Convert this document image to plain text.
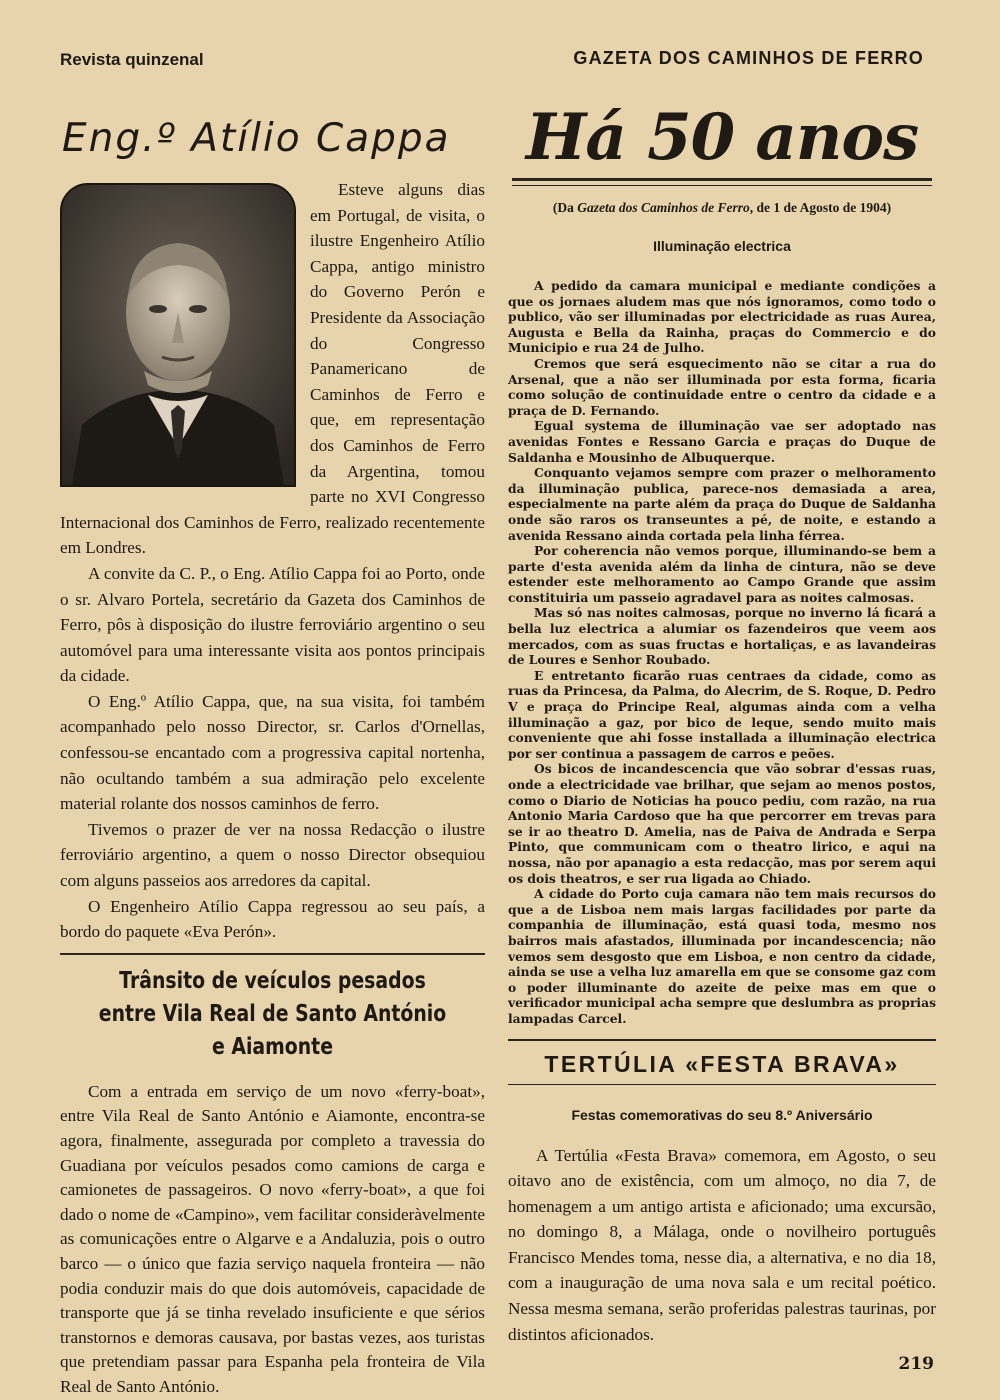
Revista quinzenal	GAZETA DOS CAMINHOS DE FERRO
Eng.º Atílio Cappa

Esteve alguns dias em Portugal, de visita, o ilustre Engenheiro Atílio Cappa, antigo ministro do Governo Perón e Presidente da Associação do Congresso Panamericano de Caminhos de Ferro e que, em representação dos Caminhos de Ferro da Argentina, tomou parte no XVI Congresso Internacional dos Caminhos de Ferro, realizado recentemente em Londres.

A convite da C. P., o Eng. Atílio Cappa foi ao Porto, onde o sr. Alvaro Portela, secretário da Gazeta dos Caminhos de Ferro, pôs à disposição do ilustre ferroviário argentino o seu automóvel para uma interessante visita aos pontos principais da cidade.

O Eng.º Atílio Cappa, que, na sua visita, foi também acompanhado pelo nosso Director, sr. Carlos d'Ornellas, confessou-se encantado com a progressiva capital nortenha, não ocultando também a sua admiração pelo excelente material rolante dos nossos caminhos de ferro.

Tivemos o prazer de ver na nossa Redacção o ilustre ferroviário argentino, a quem o nosso Director obsequiou com alguns passeios aos arredores da capital.

O Engenheiro Atílio Cappa regressou ao seu país, a bordo do paquete «Eva Perón».

Trânsito de veículos pesados entre Vila Real de Santo António e Aiamonte

Com a entrada em serviço de um novo «ferry-boat», entre Vila Real de Santo António e Aiamonte, encontra-se agora, finalmente, assegurada por completo a travessia do Guadiana por veículos pesados como camions de carga e camionetes de passageiros. O novo «ferry-boat», a que foi dado o nome de «Campino», vem facilitar consideràvelmente as comunicações entre o Algarve e a Andaluzia, pois o outro barco — o único que fazia serviço naquela fronteira — não podia conduzir mais do que dois automóveis, capacidade de transporte que já se tinha revelado insuficiente e que sérios transtornos e demoras causava, por bastas vezes, aos turistas que pretendiam passar para Espanha pela fronteira de Vila Real de Santo António.

Há 50 anos
(Da Gazeta dos Caminhos de Ferro, de 1 de Agosto de 1904)
Illuminação electrica

A pedido da camara municipal e mediante condições a que os jornaes aludem mas que nós ignoramos, como todo o publico, vão ser illuminadas por electricidade as ruas Aurea, Augusta e Bella da Rainha, praças do Commercio e do Municipio e rua 24 de Julho.

Cremos que será esquecimento não se citar a rua do Arsenal, que a não ser illuminada por esta forma, ficaria como solução de continuidade entre o centro da cidade e a praça de D. Fernando.

Egual systema de illuminação vae ser adoptado nas avenidas Fontes e Ressano Garcia e praças do Duque de Saldanha e Mousinho de Albuquerque.

Conquanto vejamos sempre com prazer o melhoramento da illuminação publica, parece-nos demasiada a area, especialmente na parte além da praça do Duque de Saldanha onde são raros os transeuntes a pé, de noite, e estando a avenida Ressano ainda cortada pela linha férrea.

Por coherencia não vemos porque, illuminando-se bem a parte d'esta avenida além da linha de cintura, não se deve estender este melhoramento ao Campo Grande que assim constituiria um passeio agradavel para as noites calmosas.

Mas só nas noites calmosas, porque no inverno lá ficará a bella luz electrica a alumiar os fazendeiros que veem aos mercados, com as suas fructas e hortaliças, e as lavandeiras de Loures e Senhor Roubado.

E entretanto ficarão ruas centraes da cidade, como as ruas da Princesa, da Palma, do Alecrim, de S. Roque, D. Pedro V e praça do Principe Real, algumas ainda com a velha illuminação a gaz, por bico de leque, sendo muito mais conveniente que ahi fosse installada a illuminação electrica por ser continua a passagem de carros e peões.

Os bicos de incandescencia que vão sobrar d'essas ruas, onde a electricidade vae brilhar, que sejam ao menos postos, como o Diario de Noticias ha pouco pediu, com razão, na rua Antonio Maria Cardoso que ha que percorrer em trevas para se ir ao theatro D. Amelia, nas de Paiva de Andrada e Serpa Pinto, que communicam com o theatro lirico, e aqui na nossa, não por apanagio a esta redacção, mas por serem aqui os dois theatros, e ser rua ligada ao Chiado.

A cidade do Porto cuja camara não tem mais recursos do que a de Lisboa nem mais largas facilidades por parte da companhia de illuminação, está quasi toda, mesmo nos bairros mais afastados, illuminada por incandescencia; não vemos sem desgosto que em Lisboa, e non centro da cidade, ainda se use a velha luz amarella em que se consome gaz com o poder illuminante do azeite de peixe mas em que o verificador municipal acha sempre que deslumbra as proprias lampadas Carcel.

TERTÚLIA «FESTA BRAVA»
Festas comemorativas do seu 8.º Aniversário

A Tertúlia «Festa Brava» comemora, em Agosto, o seu oitavo ano de existência, com um almoço, no dia 7, de homenagem a um antigo artista e aficionado; uma excursão, no domingo 8, a Málaga, onde o novilheiro português Francisco Mendes toma, nesse dia, a alternativa, e no dia 18, com a inauguração de uma nova sala e um recital poético. Nessa mesma semana, serão proferidas palestras taurinas, por distintos aficionados.

219
